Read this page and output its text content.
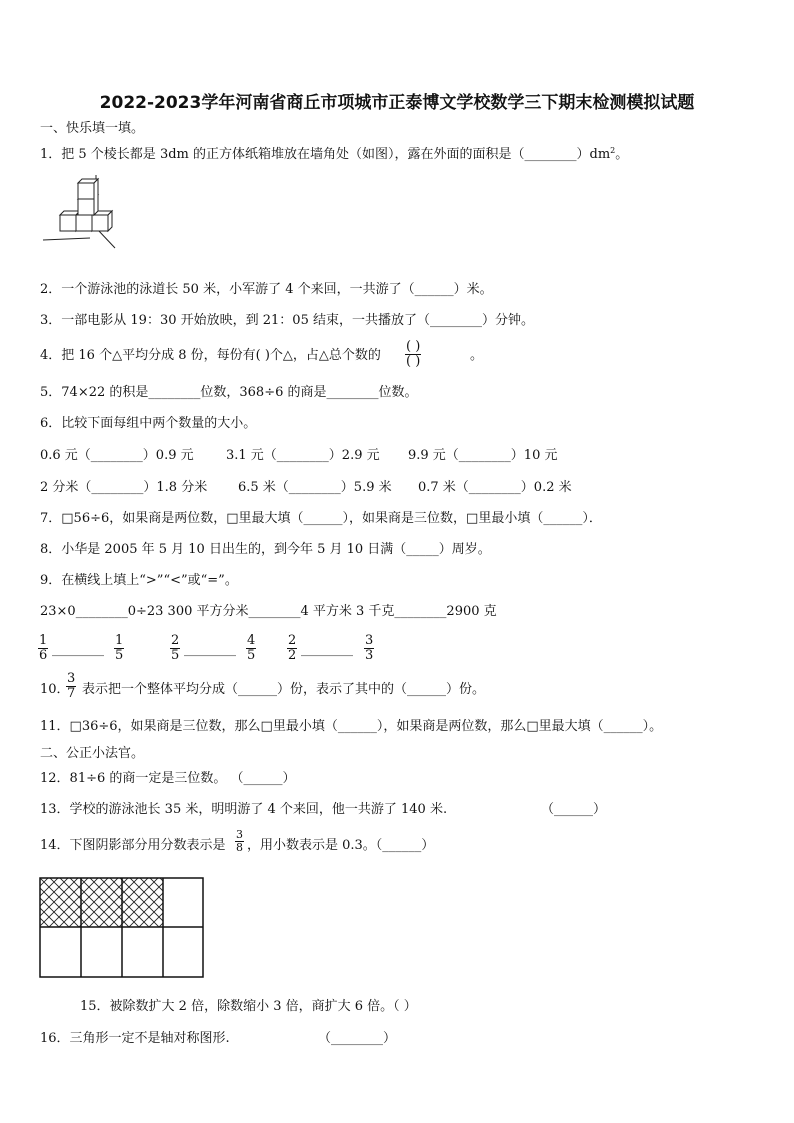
2022-2023学年河南省商丘市项城市正泰博文学校数学三下期末检测模拟试题
一、快乐填一填。
1．把 5 个棱长都是 3dm 的正方体纸箱堆放在墙角处（如图），露在外面的面积是$(\_\_\_\_\_\_\_\_)dm^2$。
2．一个游泳池的泳道长 50 米，小军游了 4 个来回，一共游了（______）米。
3．一部电影从 19：30 开始放映，到 21：05 结束，一共播放了（________）分钟。
4．把 16 个△平均分成 8 份，每份有( )个△，占△总个数的
( )
( )	。
5．74×22 的积是________位数，368÷6 的商是________位数。
6．比较下面每组中两个数量的大小。
0.6 元（________）0.9 元 3.1 元（________）2.9 元 9.9 元（________）10 元
2 分米（________）1.8 分米 6.5 米（________）5.9 米 0.7 米（________）0.2 米
7．□56÷6，如果商是两位数，□里最大填（______），如果商是三位数，□里最小填（______）．
8．小华是 2005 年 5 月 10 日出生的，到今年 5 月 10 日满（_____）周岁。
9．在横线上填上“>”“<”或“=”。
23×0________0÷23 300 平方分米________4 平方米 3 千克________2900 克
$\frac{1}{6}$ ________ $\frac{1}{5}$	$\frac{2}{5}$ ________ $\frac{4}{5} \frac{2}{2}$ ________ $\frac{3}{3}$
10．
$\frac{3}{7}$ 表示把一个整体平均分成（______）份，表示了其中的（______）份。
11．□36÷6，如果商是三位数，那么□里最小填（______），如果商是两位数，那么□里最大填（______）。
二、公正小法官。
12．81÷6 的商一定是三位数。 （______）
13．学校的游泳池长 35 米，明明游了 4 个来回，他一共游了 140 米.	（______）
14．下图阴影部分用分数表示是 $\frac{3}{8}$ ，用小数表示是 0.3。（______）
15．被除数扩大 2 倍，除数缩小 3 倍，商扩大 6 倍。（ ）
16．三角形一定不是轴对称图形.	（________）
